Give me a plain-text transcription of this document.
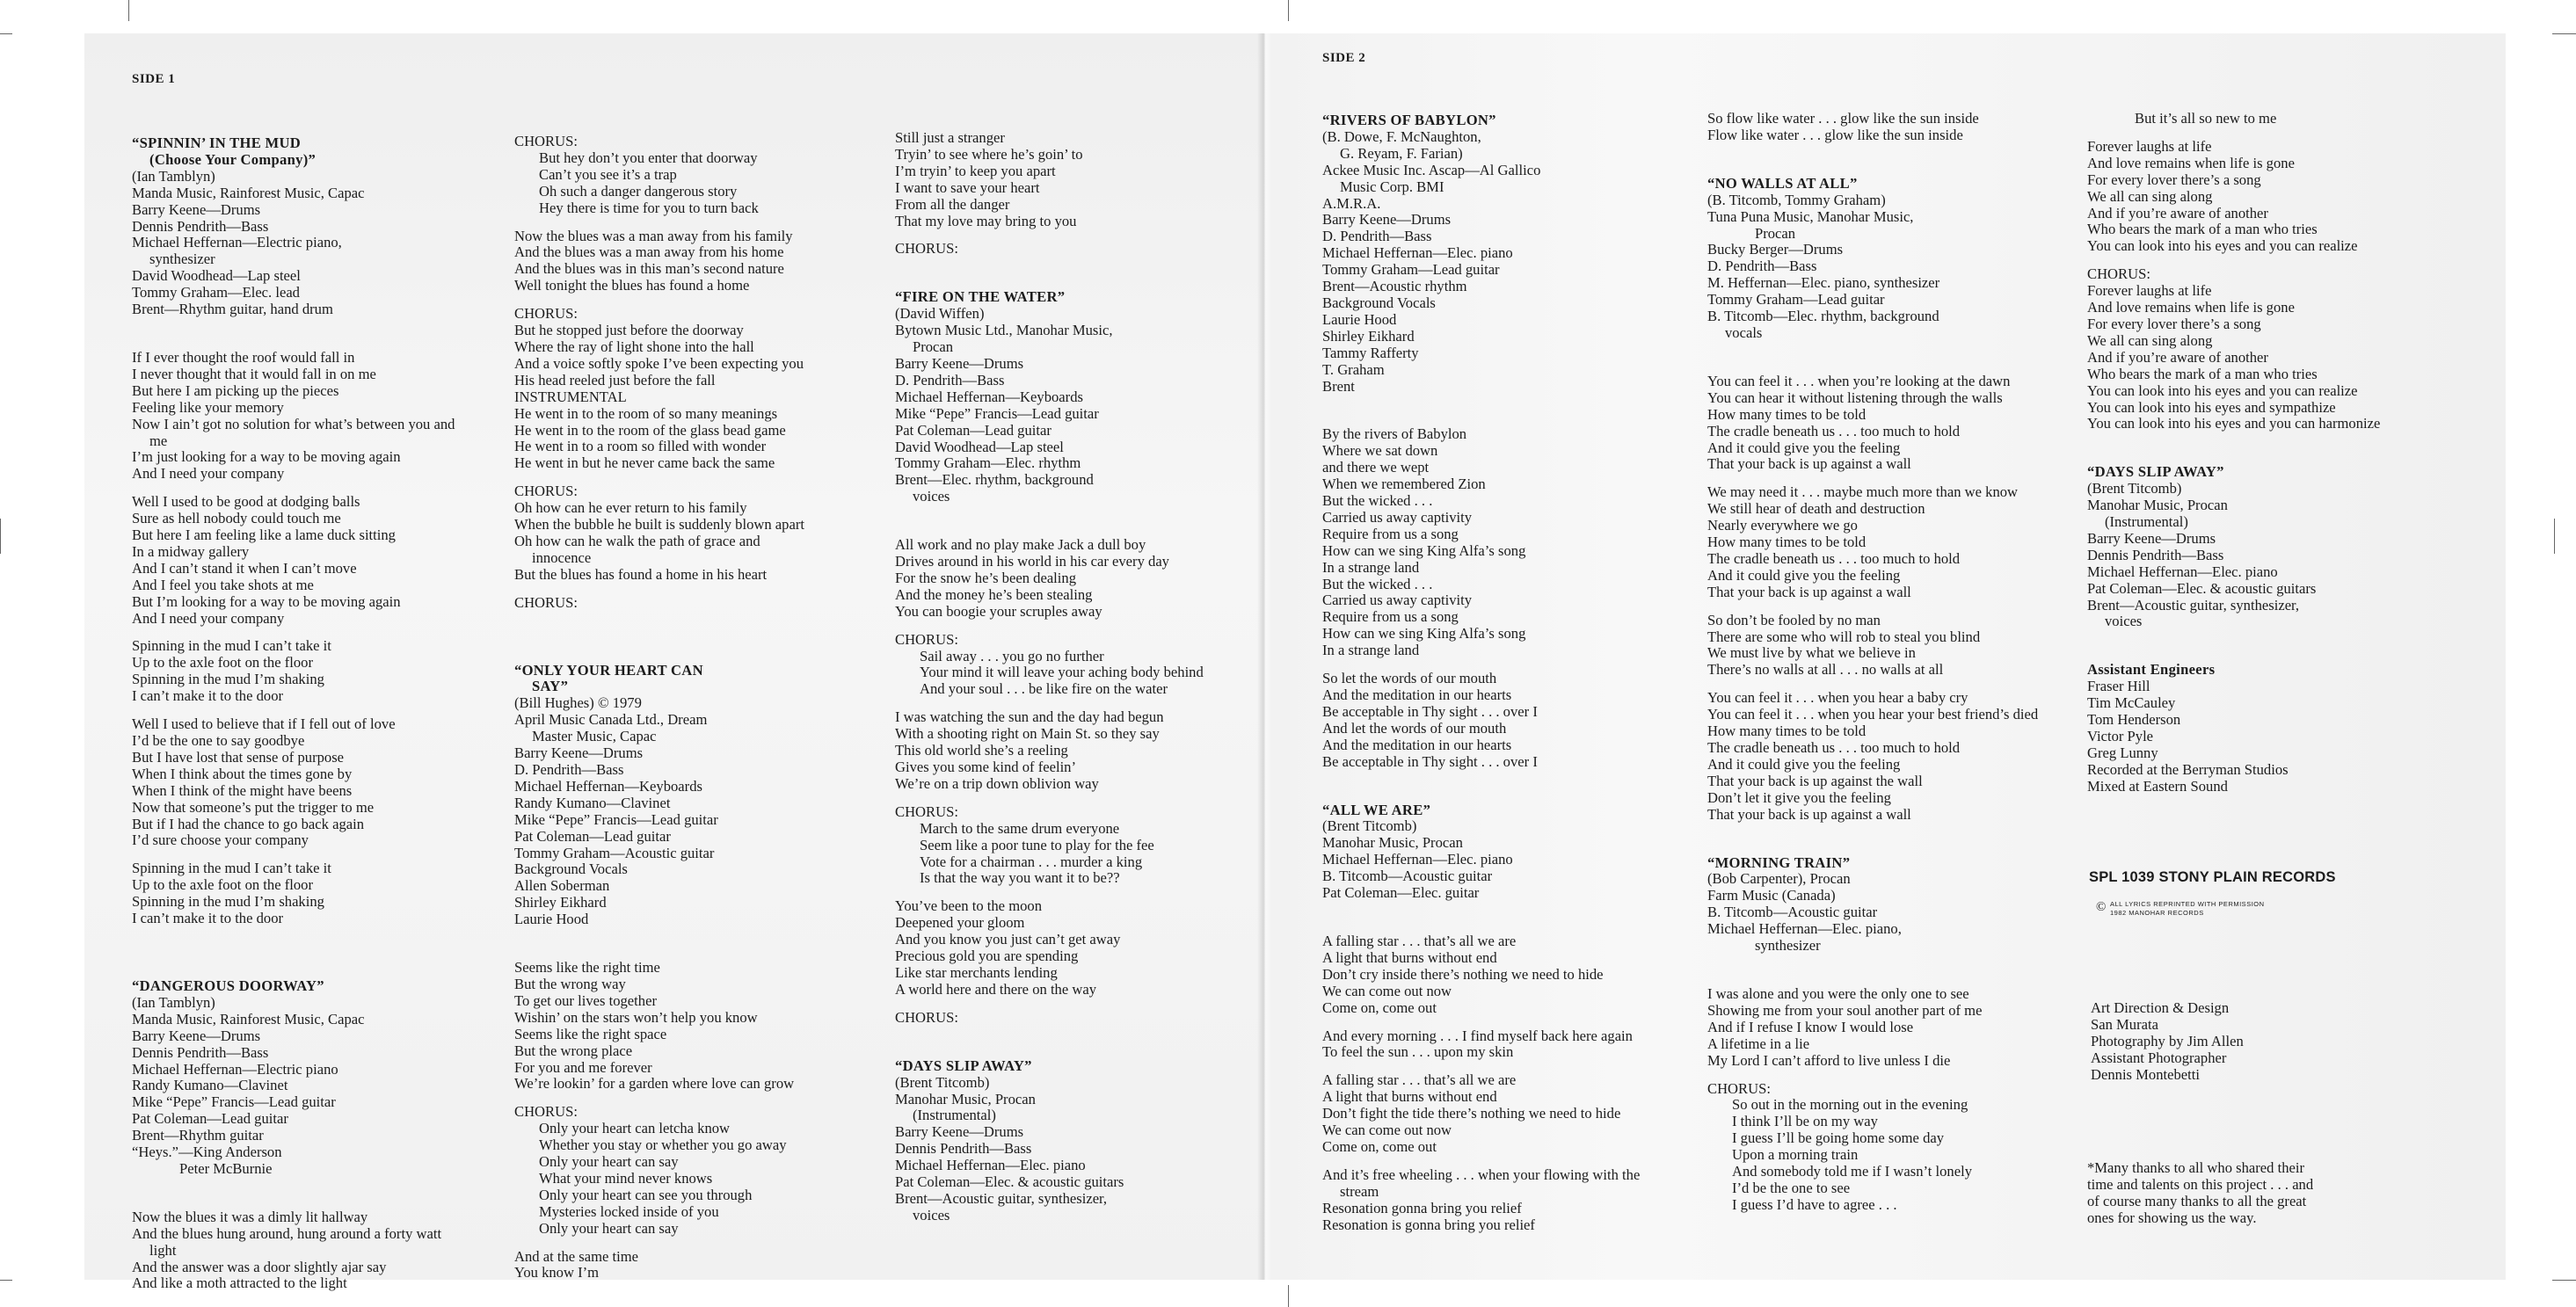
SIDE 1
SIDE 2
“SPINNIN’ IN THE MUD
(Choose Your Company)”
(Ian Tamblyn)
Manda Music, Rainforest Music, Capac
Barry Keene—Drums
Dennis Pendrith—Bass
Michael Heffernan—Electric piano,
synthesizer
David Woodhead—Lap steel
Tommy Graham—Elec. lead
Brent—Rhythm guitar, hand drum
If I ever thought the roof would fall in
I never thought that it would fall in on me
But here I am picking up the pieces
Feeling like your memory
Now I ain’t got no solution for what’s between you and
me
I’m just looking for a way to be moving again
And I need your company
Well I used to be good at dodging balls
Sure as hell nobody could touch me
But here I am feeling like a lame duck sitting
In a midway gallery
And I can’t stand it when I can’t move
And I feel you take shots at me
But I’m looking for a way to be moving again
And I need your company
Spinning in the mud I can’t take it
Up to the axle foot on the floor
Spinning in the mud I’m shaking
I can’t make it to the door
Well I used to believe that if I fell out of love
I’d be the one to say goodbye
But I have lost that sense of purpose
When I think about the times gone by
When I think of the might have beens
Now that someone’s put the trigger to me
But if I had the chance to go back again
I’d sure choose your company
Spinning in the mud I can’t take it
Up to the axle foot on the floor
Spinning in the mud I’m shaking
I can’t make it to the door
“DANGEROUS DOORWAY”
(Ian Tamblyn)
Manda Music, Rainforest Music, Capac
Barry Keene—Drums
Dennis Pendrith—Bass
Michael Heffernan—Electric piano
Randy Kumano—Clavinet
Mike “Pepe” Francis—Lead guitar
Pat Coleman—Lead guitar
Brent—Rhythm guitar
“Heys.”—King Anderson
Peter McBurnie
Now the blues it was a dimly lit hallway
And the blues hung around, hung around a forty watt
light
And the answer was a door slightly ajar say
And like a moth attracted to the light
CHORUS:
But hey don’t you enter that doorway
Can’t you see it’s a trap
Oh such a danger dangerous story
Hey there is time for you to turn back
Now the blues was a man away from his family
And the blues was a man away from his home
And the blues was in this man’s second nature
Well tonight the blues has found a home
CHORUS:
But he stopped just before the doorway
Where the ray of light shone into the hall
And a voice softly spoke I’ve been expecting you
His head reeled just before the fall
INSTRUMENTAL
He went in to the room of so many meanings
He went in to the room of the glass bead game
He went in to a room so filled with wonder
He went in but he never came back the same
CHORUS:
Oh how can he ever return to his family
When the bubble he built is suddenly blown apart
Oh how can he walk the path of grace and
innocence
But the blues has found a home in his heart
CHORUS:
“ONLY YOUR HEART CAN
SAY”
(Bill Hughes) © 1979
April Music Canada Ltd., Dream
Master Music, Capac
Barry Keene—Drums
D. Pendrith—Bass
Michael Heffernan—Keyboards
Randy Kumano—Clavinet
Mike “Pepe” Francis—Lead guitar
Pat Coleman—Lead guitar
Tommy Graham—Acoustic guitar
Background Vocals
Allen Soberman
Shirley Eikhard
Laurie Hood
Seems like the right time
But the wrong way
To get our lives together
Wishin’ on the stars won’t help you know
Seems like the right space
But the wrong place
For you and me forever
We’re lookin’ for a garden where love can grow
CHORUS:
Only your heart can letcha know
Whether you stay or whether you go away
Only your heart can say
What your mind never knows
Only your heart can see you through
Mysteries locked inside of you
Only your heart can say
And at the same time
You know I’m
Still just a stranger
Tryin’ to see where he’s goin’ to
I’m tryin’ to keep you apart
I want to save your heart
From all the danger
That my love may bring to you
CHORUS:
“FIRE ON THE WATER”
(David Wiffen)
Bytown Music Ltd., Manohar Music,
Procan
Barry Keene—Drums
D. Pendrith—Bass
Michael Heffernan—Keyboards
Mike “Pepe” Francis—Lead guitar
Pat Coleman—Lead guitar
David Woodhead—Lap steel
Tommy Graham—Elec. rhythm
Brent—Elec. rhythm, background
voices
All work and no play make Jack a dull boy
Drives around in his world in his car every day
For the snow he’s been dealing
And the money he’s been stealing
You can boogie your scruples away
CHORUS:
Sail away . . . you go no further
Your mind it will leave your aching body behind
And your soul . . . be like fire on the water
I was watching the sun and the day had begun
With a shooting right on Main St. so they say
This old world she’s a reeling
Gives you some kind of feelin’
We’re on a trip down oblivion way
CHORUS:
March to the same drum everyone
Seem like a poor tune to play for the fee
Vote for a chairman . . . murder a king
Is that the way you want it to be??
You’ve been to the moon
Deepened your gloom
And you know you just can’t get away
Precious gold you are spending
Like star merchants lending
A world here and there on the way
CHORUS:
“DAYS SLIP AWAY”
(Brent Titcomb)
Manohar Music, Procan
(Instrumental)
Barry Keene—Drums
Dennis Pendrith—Bass
Michael Heffernan—Elec. piano
Pat Coleman—Elec. & acoustic guitars
Brent—Acoustic guitar, synthesizer,
voices
“RIVERS OF BABYLON”
(B. Dowe, F. McNaughton,
G. Reyam, F. Farian)
Ackee Music Inc. Ascap—Al Gallico
Music Corp. BMI
A.M.R.A.
Barry Keene—Drums
D. Pendrith—Bass
Michael Heffernan—Elec. piano
Tommy Graham—Lead guitar
Brent—Acoustic rhythm
Background Vocals
Laurie Hood
Shirley Eikhard
Tammy Rafferty
T. Graham
Brent
By the rivers of Babylon
Where we sat down
and there we wept
When we remembered Zion
But the wicked . . .
Carried us away captivity
Require from us a song
How can we sing King Alfa’s song
In a strange land
But the wicked . . .
Carried us away captivity
Require from us a song
How can we sing King Alfa’s song
In a strange land
So let the words of our mouth
And the meditation in our hearts
Be acceptable in Thy sight . . . over I
And let the words of our mouth
And the meditation in our hearts
Be acceptable in Thy sight . . . over I
“ALL WE ARE”
(Brent Titcomb)
Manohar Music, Procan
Michael Heffernan—Elec. piano
B. Titcomb—Acoustic guitar
Pat Coleman—Elec. guitar
A falling star . . . that’s all we are
A light that burns without end
Don’t cry inside there’s nothing we need to hide
We can come out now
Come on, come out
And every morning . . . I find myself back here again
To feel the sun . . . upon my skin
A falling star . . . that’s all we are
A light that burns without end
Don’t fight the tide there’s nothing we need to hide
We can come out now
Come on, come out
And it’s free wheeling . . . when your flowing with the
stream
Resonation gonna bring you relief
Resonation is gonna bring you relief
So flow like water . . . glow like the sun inside
Flow like water . . . glow like the sun inside
“NO WALLS AT ALL”
(B. Titcomb, Tommy Graham)
Tuna Puna Music, Manohar Music,
Procan
Bucky Berger—Drums
D. Pendrith—Bass
M. Heffernan—Elec. piano, synthesizer
Tommy Graham—Lead guitar
B. Titcomb—Elec. rhythm, background
vocals
You can feel it . . . when you’re looking at the dawn
You can hear it without listening through the walls
How many times to be told
The cradle beneath us . . . too much to hold
And it could give you the feeling
That your back is up against a wall
We may need it . . . maybe much more than we know
We still hear of death and destruction
Nearly everywhere we go
How many times to be told
The cradle beneath us . . . too much to hold
And it could give you the feeling
That your back is up against a wall
So don’t be fooled by no man
There are some who will rob to steal you blind
We must live by what we believe in
There’s no walls at all . . . no walls at all
You can feel it . . . when you hear a baby cry
You can feel it . . . when you hear your best friend’s died
How many times to be told
The cradle beneath us . . . too much to hold
And it could give you the feeling
That your back is up against the wall
Don’t let it give you the feeling
That your back is up against a wall
“MORNING TRAIN”
(Bob Carpenter), Procan
Farm Music (Canada)
B. Titcomb—Acoustic guitar
Michael Heffernan—Elec. piano,
synthesizer
I was alone and you were the only one to see
Showing me from your soul another part of me
And if I refuse I know I would lose
A lifetime in a lie
My Lord I can’t afford to live unless I die
CHORUS:
So out in the morning out in the evening
I think I’ll be on my way
I guess I’ll be going home some day
Upon a morning train
And somebody told me if I wasn’t lonely
I’d be the one to see
I guess I’d have to agree . . .
But it’s all so new to me
Forever laughs at life
And love remains when life is gone
For every lover there’s a song
We all can sing along
And if you’re aware of another
Who bears the mark of a man who tries
You can look into his eyes and you can realize
CHORUS:
Forever laughs at life
And love remains when life is gone
For every lover there’s a song
We all can sing along
And if you’re aware of another
Who bears the mark of a man who tries
You can look into his eyes and you can realize
You can look into his eyes and sympathize
You can look into his eyes and you can harmonize
“DAYS SLIP AWAY”
(Brent Titcomb)
Manohar Music, Procan
(Instrumental)
Barry Keene—Drums
Dennis Pendrith—Bass
Michael Heffernan—Elec. piano
Pat Coleman—Elec. & acoustic guitars
Brent—Acoustic guitar, synthesizer,
voices
Assistant Engineers
Fraser Hill
Tim McCauley
Tom Henderson
Victor Pyle
Greg Lunny
Recorded at the Berryman Studios
Mixed at Eastern Sound
SPL 1039 STONY PLAIN RECORDS
© ALL LYRICS REPRINTED WITH PERMISSION
1982 MANOHAR RECORDS
Art Direction & Design
San Murata
Photography by Jim Allen
Assistant Photographer
Dennis Montebetti
*Many thanks to all who shared their
time and talents on this project . . . and
of course many thanks to all the great
ones for showing us the way.
